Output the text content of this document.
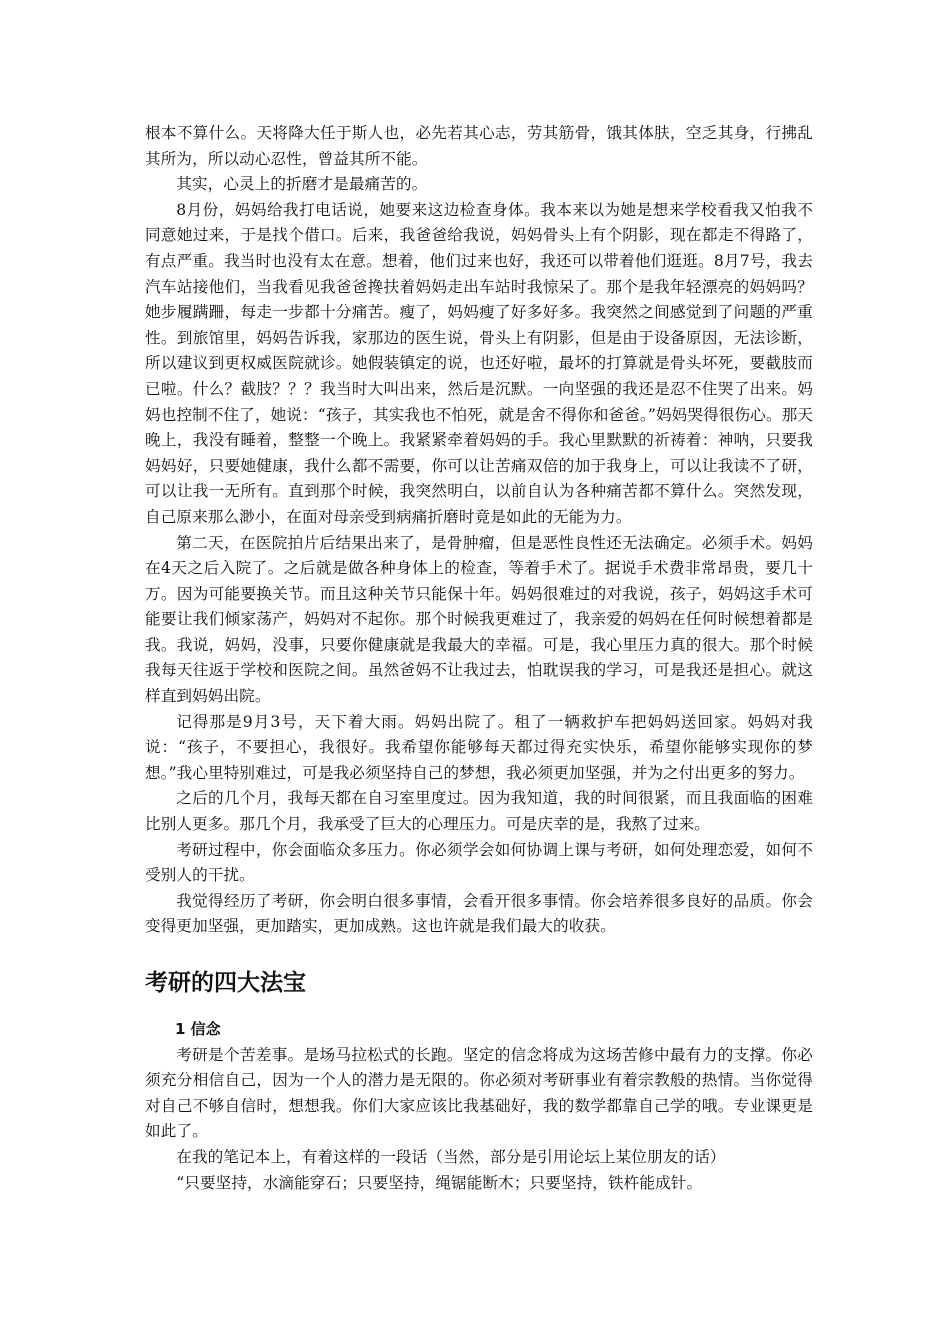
根本不算什么。天将降大任于斯人也，必先若其心志，劳其筋骨，饿其体肤，空乏其身，行拂乱其所为，所以动心忍性，曾益其所不能。

其实，心灵上的折磨才是最痛苦的。

8月份，妈妈给我打电话说，她要来这边检查身体。我本来以为她是想来学校看我又怕我不同意她过来，于是找个借口。后来，我爸爸给我说，妈妈骨头上有个阴影，现在都走不得路了，有点严重。我当时也没有太在意。想着，他们过来也好，我还可以带着他们逛逛。8月7号，我去汽车站接他们，当我看见我爸爸搀扶着妈妈走出车站时我惊呆了。那个是我年轻漂亮的妈妈吗？她步履蹒跚，每走一步都十分痛苦。瘦了，妈妈瘦了好多好多。我突然之间感觉到了问题的严重性。到旅馆里，妈妈告诉我，家那边的医生说，骨头上有阴影，但是由于设备原因，无法诊断，所以建议到更权威医院就诊。她假装镇定的说，也还好啦，最坏的打算就是骨头坏死，要截肢而已啦。什么？截肢？？？我当时大叫出来，然后是沉默。一向坚强的我还是忍不住哭了出来。妈妈也控制不住了，她说：“孩子，其实我也不怕死，就是舍不得你和爸爸。”妈妈哭得很伤心。那天晚上，我没有睡着，整整一个晚上。我紧紧牵着妈妈的手。我心里默默的祈祷着：神呐，只要我妈妈好，只要她健康，我什么都不需要，你可以让苦痛双倍的加于我身上，可以让我读不了研，可以让我一无所有。直到那个时候，我突然明白，以前自认为各种痛苦都不算什么。突然发现，自己原来那么渺小，在面对母亲受到病痛折磨时竟是如此的无能为力。

第二天，在医院拍片后结果出来了，是骨肿瘤，但是恶性良性还无法确定。必须手术。妈妈在4天之后入院了。之后就是做各种身体上的检查，等着手术了。据说手术费非常昂贵，要几十万。因为可能要换关节。而且这种关节只能保十年。妈妈很难过的对我说，孩子，妈妈这手术可能要让我们倾家荡产，妈妈对不起你。那个时候我更难过了，我亲爱的妈妈在任何时候想着都是我。我说，妈妈，没事，只要你健康就是我最大的幸福。可是，我心里压力真的很大。那个时候我每天往返于学校和医院之间。虽然爸妈不让我过去，怕耽误我的学习，可是我还是担心。就这样直到妈妈出院。

记得那是9月3号，天下着大雨。妈妈出院了。租了一辆救护车把妈妈送回家。妈妈对我说：“孩子，不要担心，我很好。我希望你能够每天都过得充实快乐，希望你能够实现你的梦想。”我心里特别难过，可是我必须坚持自己的梦想，我必须更加坚强，并为之付出更多的努力。

之后的几个月，我每天都在自习室里度过。因为我知道，我的时间很紧，而且我面临的困难比别人更多。那几个月，我承受了巨大的心理压力。可是庆幸的是，我熬了过来。

考研过程中，你会面临众多压力。你必须学会如何协调上课与考研，如何处理恋爱，如何不受别人的干扰。

我觉得经历了考研，你会明白很多事情，会看开很多事情。你会培养很多良好的品质。你会变得更加坚强，更加踏实，更加成熟。这也许就是我们最大的收获。

考研的四大法宝
1 信念

考研是个苦差事。是场马拉松式的长跑。坚定的信念将成为这场苦修中最有力的支撑。你必须充分相信自己，因为一个人的潜力是无限的。你必须对考研事业有着宗教般的热情。当你觉得对自己不够自信时，想想我。你们大家应该比我基础好，我的数学都靠自己学的哦。专业课更是如此了。

在我的笔记本上，有着这样的一段话（当然，部分是引用论坛上某位朋友的话）

“只要坚持，水滴能穿石；只要坚持，绳锯能断木；只要坚持，铁杵能成针。
